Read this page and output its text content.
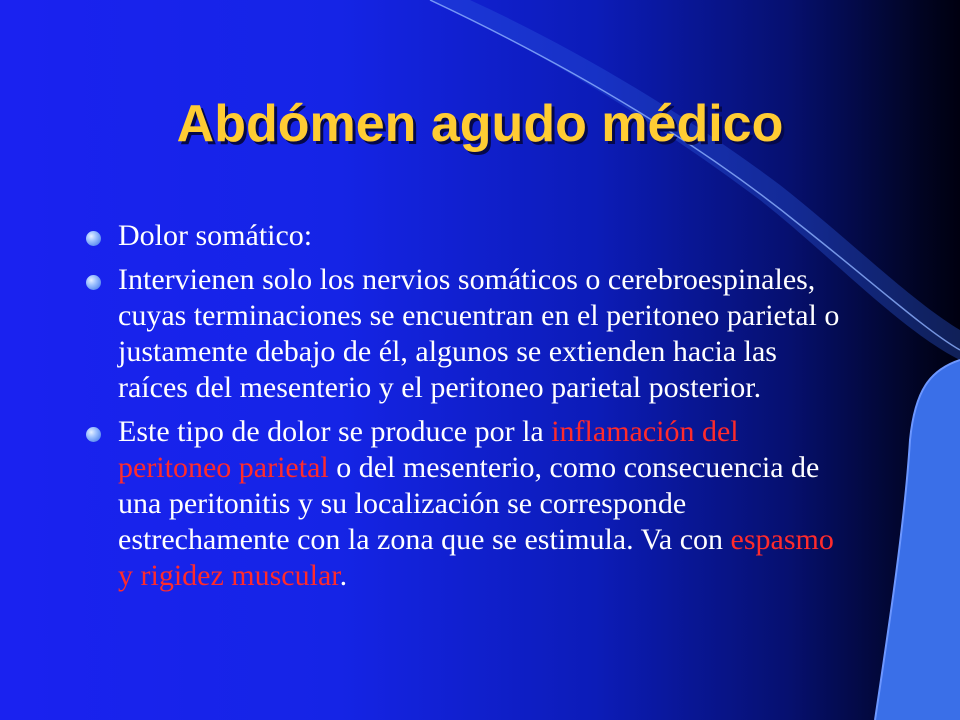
Abdómen agudo médico
Dolor somático:
Intervienen solo los nervios somáticos o cerebroespinales, cuyas terminaciones se encuentran en el peritoneo parietal o justamente debajo de él, algunos se extienden hacia las raíces del mesenterio y el peritoneo parietal posterior.
Este tipo de dolor se produce por la inflamación del peritoneo parietal o del mesenterio, como consecuencia de una peritonitis y su localización se corresponde estrechamente con la zona que se estimula. Va con espasmo y rigidez muscular.
